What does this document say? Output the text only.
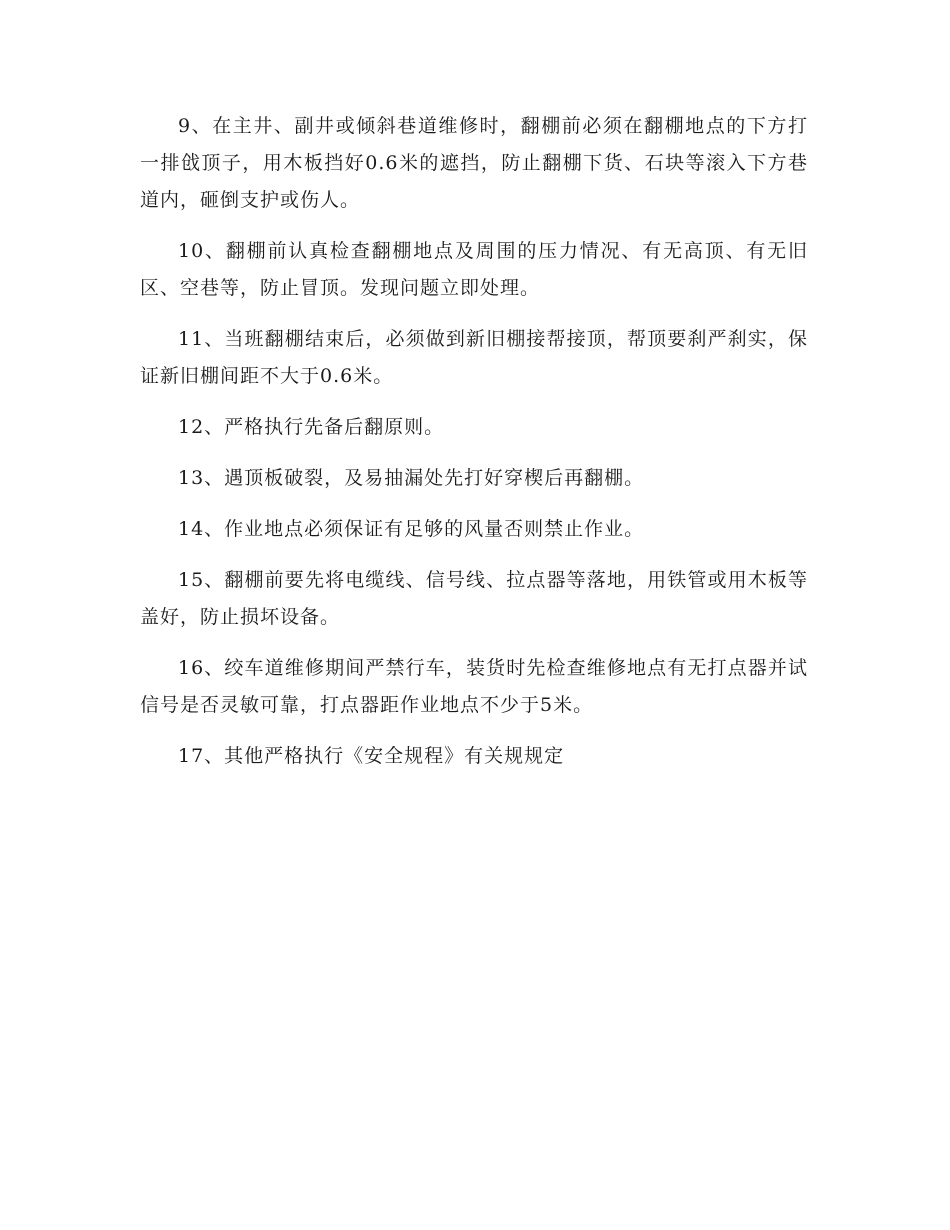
9、在主井、副井或倾斜巷道维修时，翻棚前必须在翻棚地点的下方打一排戗顶子，用木板挡好0.6米的遮挡，防止翻棚下货、石块等滚入下方巷道内，砸倒支护或伤人。

10、翻棚前认真检查翻棚地点及周围的压力情况、有无高顶、有无旧区、空巷等，防止冒顶。发现问题立即处理。

11、当班翻棚结束后，必须做到新旧棚接帮接顶，帮顶要刹严刹实，保证新旧棚间距不大于0.6米。

12、严格执行先备后翻原则。

13、遇顶板破裂，及易抽漏处先打好穿楔后再翻棚。

14、作业地点必须保证有足够的风量否则禁止作业。

15、翻棚前要先将电缆线、信号线、拉点器等落地，用铁管或用木板等盖好，防止损坏设备。

16、绞车道维修期间严禁行车，装货时先检查维修地点有无打点器并试信号是否灵敏可靠，打点器距作业地点不少于5米。

17、其他严格执行《安全规程》有关规规定
